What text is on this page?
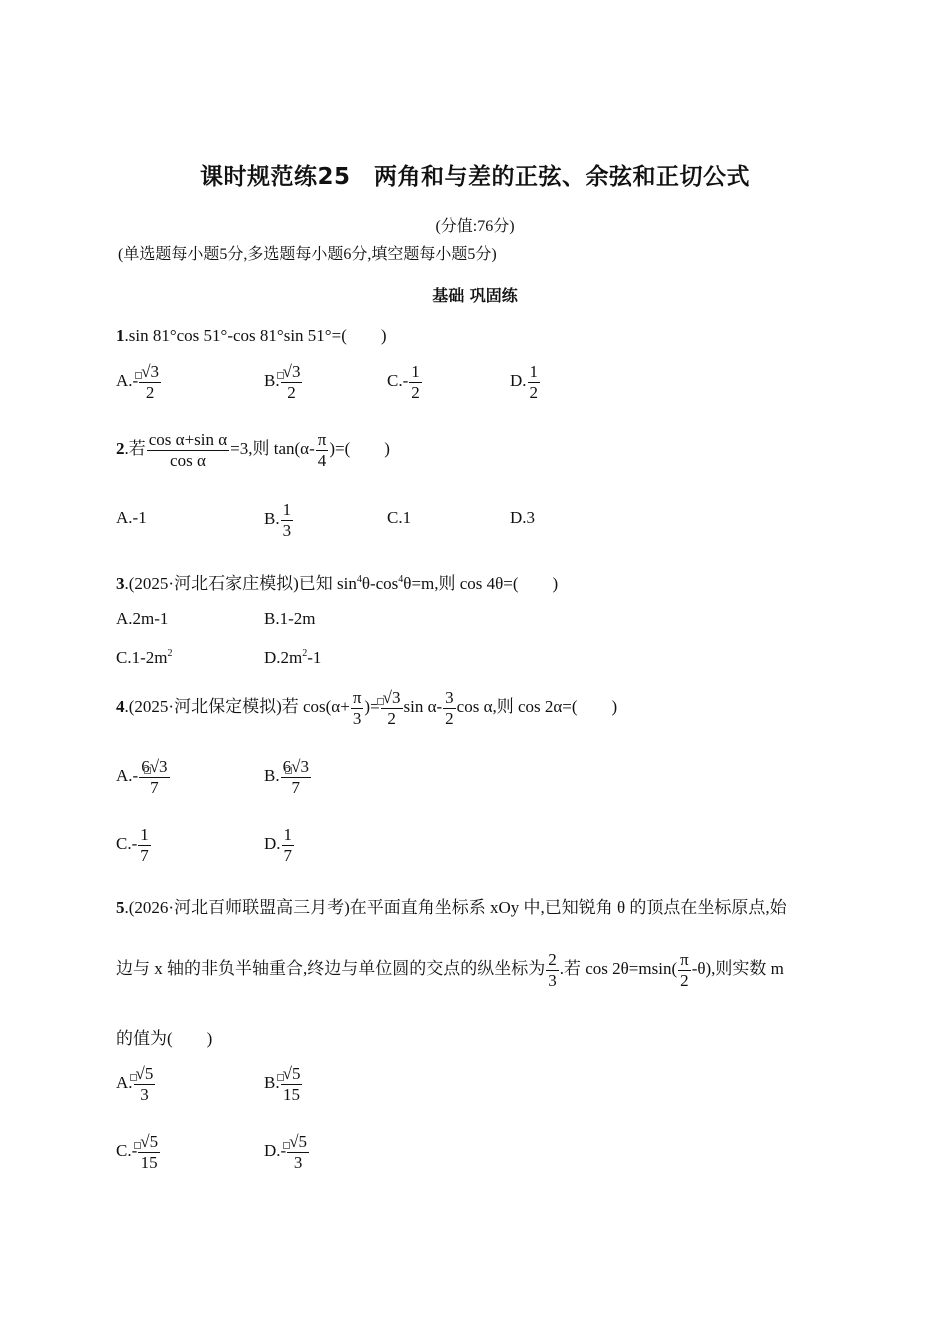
课时规范练25　两角和与差的正弦、余弦和正切公式
(分值:76分)
(单选题每小题5分,多选题每小题6分,填空题每小题5分)
基础 巩固练
1.sin 81°cos 51°-cos 81°sin 51°=(　　)
$A.- \frac{√3}{2}$	B. $\frac{√3}{2}$	$C.- \frac{1}{2}$	D. $\frac{1}{2}$
2.若 $\frac{\text{cos α+sin α}}{\text{cos α}} =3$,则 $\tan(\alpha- \frac{\pi}{4}$ )=(　　)
A.-1	B. $\frac{1}{3}$	C.1	D.3
3.(2025·河北石家庄模拟)已知 $\sin^4\theta-\cos^4\theta=m$,则 cos 4θ=(　　)
A.2m-1	B.1-2m
$C.1-2m^2$	$D.2m^2-1$
4.(2025·河北保定模拟)若 $\cos(\alpha+ \frac{\pi}{3}$ )= $\frac{√3}{2}$ $\sin \alpha- \frac{3}{2}$ cos α,则 cos 2α=(　　)
A.- 6
√3
7	B. 6
√3
7
$C.- \frac{1}{7}$	D. $\frac{1}{7}$
5.(2026·河北百师联盟高三月考)在平面直角坐标系 xOy 中,已知锐角 θ 的顶点在坐标原点,始
边与 x 轴的非负半轴重合,终边与单位圆的交点的纵坐标为 $\frac{2}{3}$ .若 $\cos 2\theta=msin( \frac{\pi}{2} -\theta)$,则实数 m
的值为(　　)
A. $\frac{√5}{3}$	B. $\frac{√5}{15}$
$C.- \frac{√5}{15}$	$D.- \frac{√5}{3}$
